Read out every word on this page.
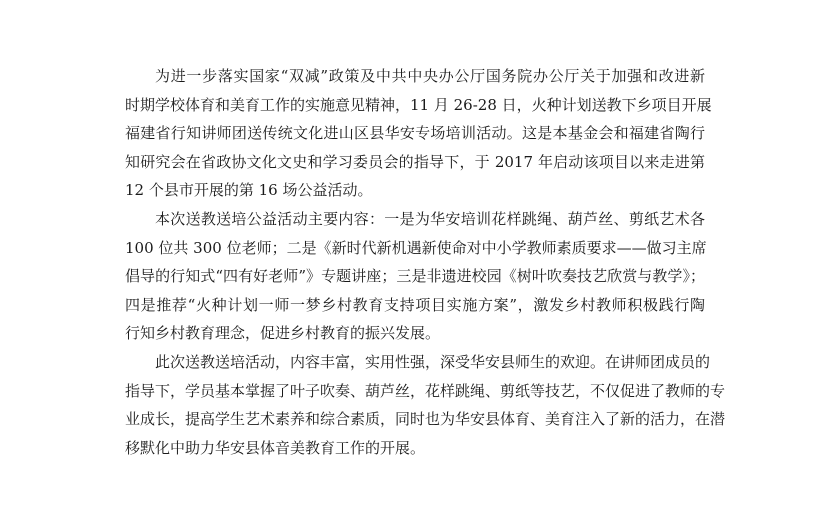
为进一步落实国家“双减”政策及中共中央办公厅国务院办公厅关于加强和改进新
时期学校体育和美育工作的实施意见精神，11 月 26-28 日，火种计划送教下乡项目开展
福建省行知讲师团送传统文化进山区县华安专场培训活动。这是本基金会和福建省陶行
知研究会在省政协文化文史和学习委员会的指导下，于 2017 年启动该项目以来走进第
12 个县市开展的第 16 场公益活动。
本次送教送培公益活动主要内容：一是为华安培训花样跳绳、葫芦丝、剪纸艺术各
100 位共 300 位老师；二是《新时代新机遇新使命对中小学教师素质要求——做习主席
倡导的行知式“四有好老师”》专题讲座；三是非遗进校园《树叶吹奏技艺欣赏与教学》；
四是推荐“火种计划一师一梦乡村教育支持项目实施方案”，激发乡村教师积极践行陶
行知乡村教育理念，促进乡村教育的振兴发展。
此次送教送培活动，内容丰富，实用性强，深受华安县师生的欢迎。在讲师团成员的
指导下，学员基本掌握了叶子吹奏、葫芦丝，花样跳绳、剪纸等技艺，不仅促进了教师的专
业成长，提高学生艺术素养和综合素质，同时也为华安县体育、美育注入了新的活力，在潜
移默化中助力华安县体音美教育工作的开展。
